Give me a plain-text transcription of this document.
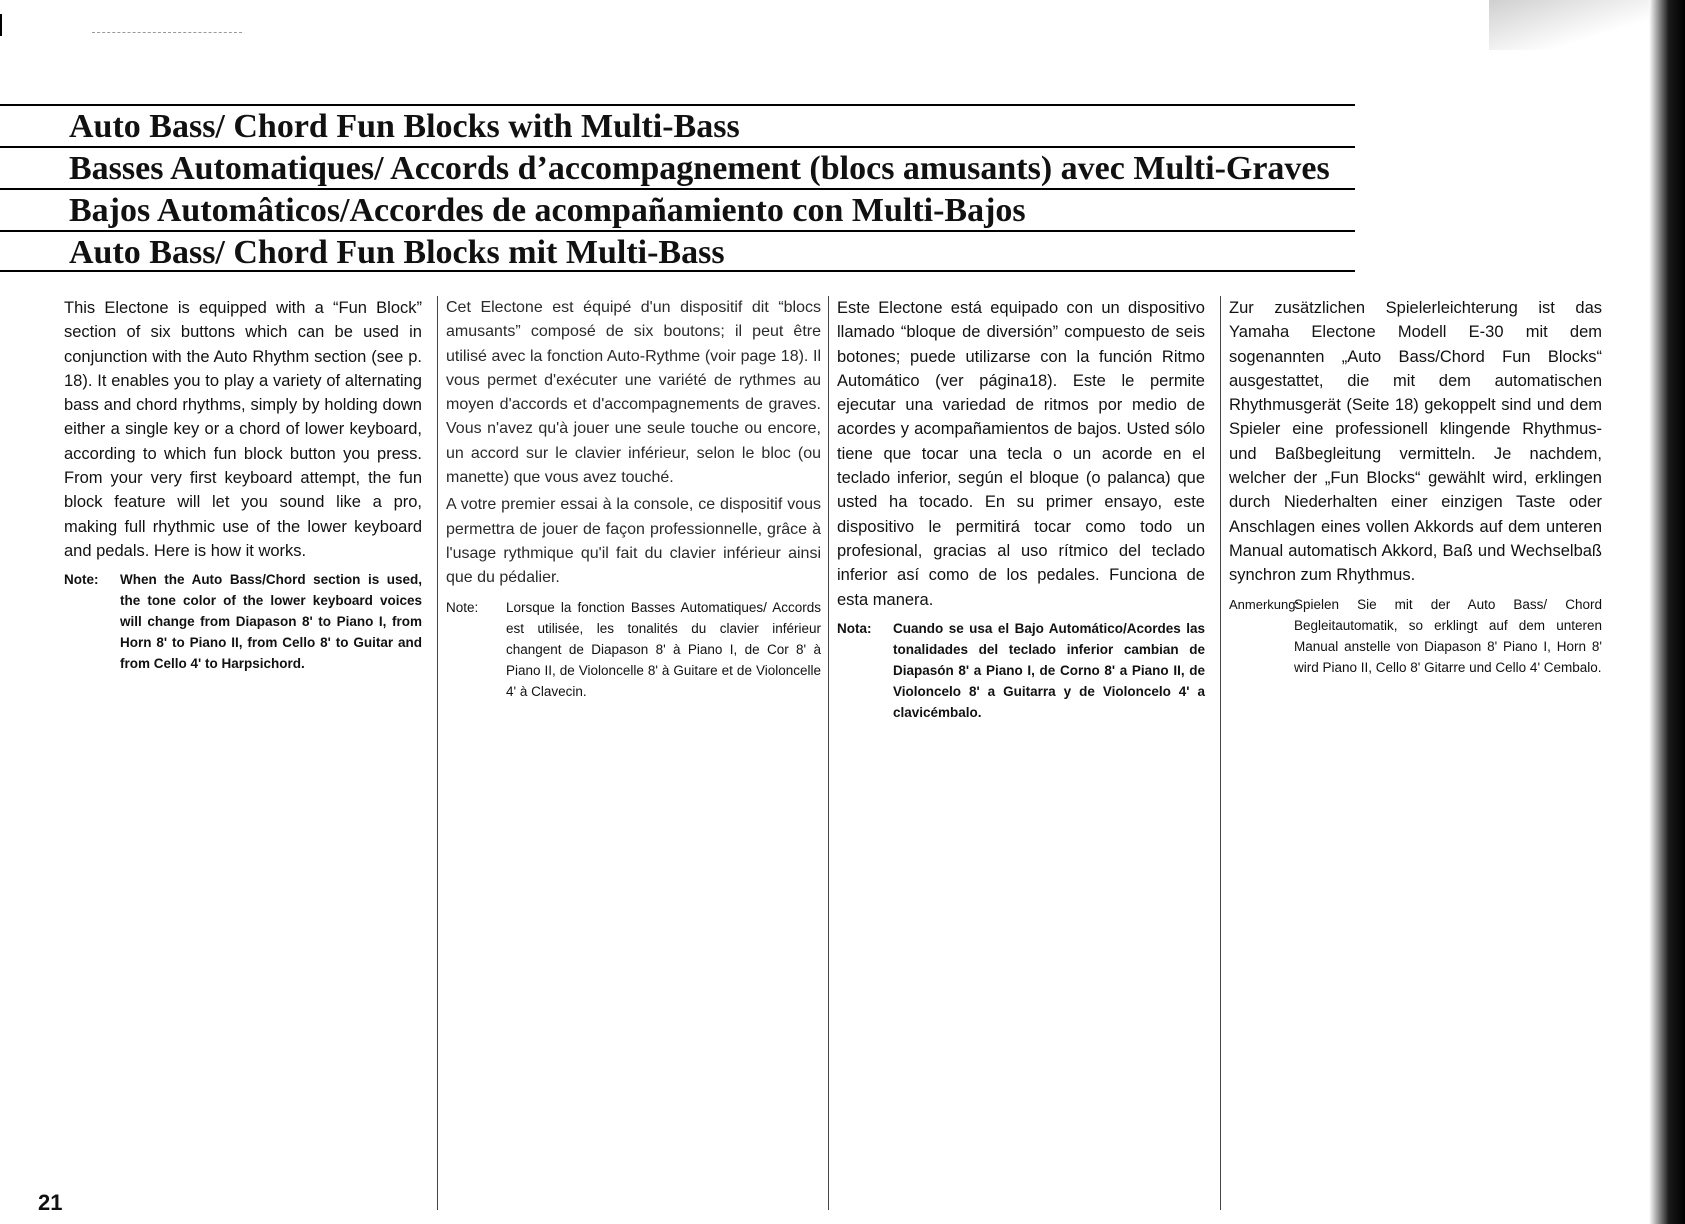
Auto Bass/ Chord Fun Blocks with Multi-Bass
Basses Automatiques/ Accords d’accompagnement (blocs amusants) avec Multi-Graves
Bajos Automâticos/Accordes de acompañamiento con Multi-Bajos
Auto Bass/ Chord Fun Blocks mit Multi-Bass

This Electone is equipped with a “Fun Block” section of six buttons which can be used in conjunction with the Auto Rhythm section (see p. 18). It enables you to play a variety of alternating bass and chord rhythms, simply by holding down either a single key or a chord of lower keyboard, according to which fun block button you press. From your very first keyboard attempt, the fun block feature will let you sound like a pro, making full rhythmic use of the lower keyboard and pedals. Here is how it works.

Note:	When the Auto Bass/Chord section is used, the tone color of the lower keyboard voices will change from Diapason 8' to Piano I, from Horn 8' to Piano II, from Cello 8' to Guitar and from Cello 4' to Harpsichord.

Cet Electone est équipé d'un dispositif dit “blocs amusants” composé de six boutons; il peut être utilisé avec la fonction Auto-Rythme (voir page 18). Il vous permet d'exécuter une variété de rythmes au moyen d'accords et d'accompagnements de graves. Vous n'avez qu'à jouer une seule touche ou encore, un accord sur le clavier inférieur, selon le bloc (ou manette) que vous avez touché.

A votre premier essai à la console, ce dispositif vous permettra de jouer de façon professionnelle, grâce à l'usage rythmique qu'il fait du clavier inférieur ainsi que du pédalier.

Note:	Lorsque la fonction Basses Automatiques/ Accords est utilisée, les tonalités du clavier inférieur changent de Diapason 8' à Piano I, de Cor 8' à Piano II, de Violoncelle 8' à Guitare et de Violoncelle 4' à Clavecin.

Este Electone está equipado con un dispositivo llamado “bloque de diversión” compuesto de seis botones; puede utilizarse con la función Ritmo Automático (ver página18). Este le permite ejecutar una variedad de ritmos por medio de acordes y acompañamientos de bajos. Usted sólo tiene que tocar una tecla o un acorde en el teclado inferior, según el bloque (o palanca) que usted ha tocado. En su primer ensayo, este dispositivo le permitirá tocar como todo un profesional, gracias al uso rítmico del teclado inferior así como de los pedales. Funciona de esta manera.

Nota:	Cuando se usa el Bajo Automático/Acordes las tonalidades del teclado inferior cambian de Diapasón 8' a Piano I, de Corno 8' a Piano II, de Violoncelo 8' a Guitarra y de Violoncelo 4' a clavicémbalo.

Zur zusätzlichen Spielerleichterung ist das Yamaha Electone Modell E-30 mit dem sogenannten „Auto Bass/Chord Fun Blocks“ ausgestattet, die mit dem automatischen Rhythmusgerät (Seite 18) gekoppelt sind und dem Spieler eine professionell klingende Rhythmus- und Baßbegleitung vermitteln. Je nachdem, welcher der „Fun Blocks“ gewählt wird, erklingen durch Niederhalten einer einzigen Taste oder Anschlagen eines vollen Akkords auf dem unteren Manual automatisch Akkord, Baß und Wechselbaß synchron zum Rhythmus.

Anmerkung:
Spielen Sie mit der Auto Bass/ Chord Begleitautomatik, so erklingt auf dem unteren Manual anstelle von Diapason 8' Piano I, Horn 8' wird Piano II, Cello 8' Gitarre und Cello 4' Cembalo.
21
